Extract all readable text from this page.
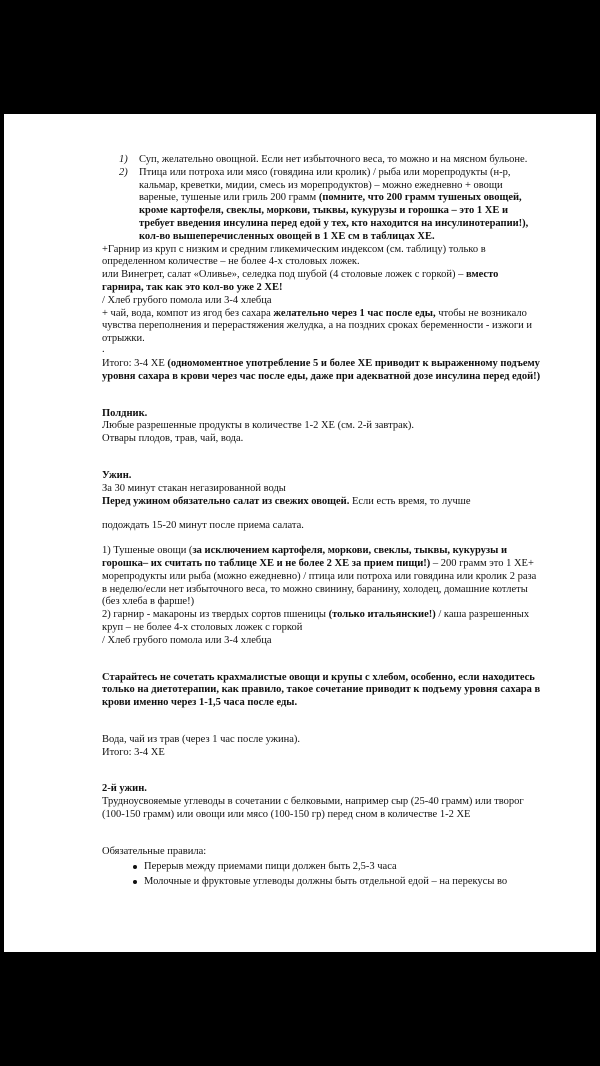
1) Суп, желательно овощной. Если нет избыточного веса, то можно и на мясном бульоне.
2) Птица или потроха или мясо (говядина или кролик) / рыба или морепродукты (н-р, кальмар, креветки, мидии, смесь из морепродуктов) – можно ежедневно + овощи вареные, тушеные или гриль 200 грамм (помните, что 200 грамм тушеных овощей, кроме картофеля, свеклы, моркови, тыквы, кукурузы и горошка – это 1 ХЕ и требует введения инсулина перед едой у тех, кто находится на инсулинотерапии!), кол-во вышеперечисленных овощей в 1 ХЕ см в таблицах ХЕ.

+Гарнир из круп с низким и средним гликемическим индексом (см. таблицу) только в определенном количестве – не более 4-х столовых ложек.

или Винегрет, салат «Оливье», селедка под шубой (4 столовые ложек с горкой) – вместо гарнира, так как это кол-во уже 2 ХЕ!

/ Хлеб грубого помола или 3-4 хлебца

+ чай, вода, компот из ягод без сахара желательно через 1 час после еды, чтобы не возникало чувства переполнения и перерастяжения желудка, а на поздних сроках беременности - изжоги и отрыжки.

.

Итого: 3-4 ХЕ (одномоментное употребление 5 и более ХЕ приводит к выраженному подъему уровня сахара в крови через час после еды, даже при адекватной дозе инсулина перед едой!)

Полдник.

Любые разрешенные продукты в количестве 1-2 ХЕ (см. 2-й завтрак).

Отвары плодов, трав, чай, вода.

Ужин.

За 30 минут стакан негазированной воды

Перед ужином обязательно салат из свежих овощей. Если есть время, то лучше

подождать 15-20 минут после приема салата.

1) Тушеные овощи (за исключением картофеля, моркови, свеклы, тыквы, кукурузы и горошка– их считать по таблице ХЕ и не более 2 ХЕ за прием пищи!) – 200 грамм это 1 ХЕ+ морепродукты или рыба (можно ежедневно) / птица или потроха или говядина или кролик 2 раза в неделю/если нет избыточного веса, то можно свинину, баранину, холодец, домашние котлеты (без хлеба в фарше!)

2) гарнир - макароны из твердых сортов пшеницы (только итальянские!) / каша разрешенных круп – не более 4-х столовых ложек с горкой

/ Хлеб грубого помола или 3-4 хлебца

Старайтесь не сочетать крахмалистые овощи и крупы с хлебом, особенно, если находитесь только на диетотерапии, как правило, такое сочетание приводит к подъему уровня сахара в крови именно через 1-1,5 часа после еды.

Вода, чай из трав (через 1 час после ужина).

Итого: 3-4 ХЕ

2-й ужин.

Трудноусвояемые углеводы в сочетании с белковыми, например сыр (25-40 грамм) или творог (100-150 грамм) или овощи или мясо (100-150 гр) перед сном в количестве 1-2 ХЕ

Обязательные правила:

Перерыв между приемами пищи должен быть 2,5-3 часа
Молочные и фруктовые углеводы должны быть отдельной едой – на перекусы во
